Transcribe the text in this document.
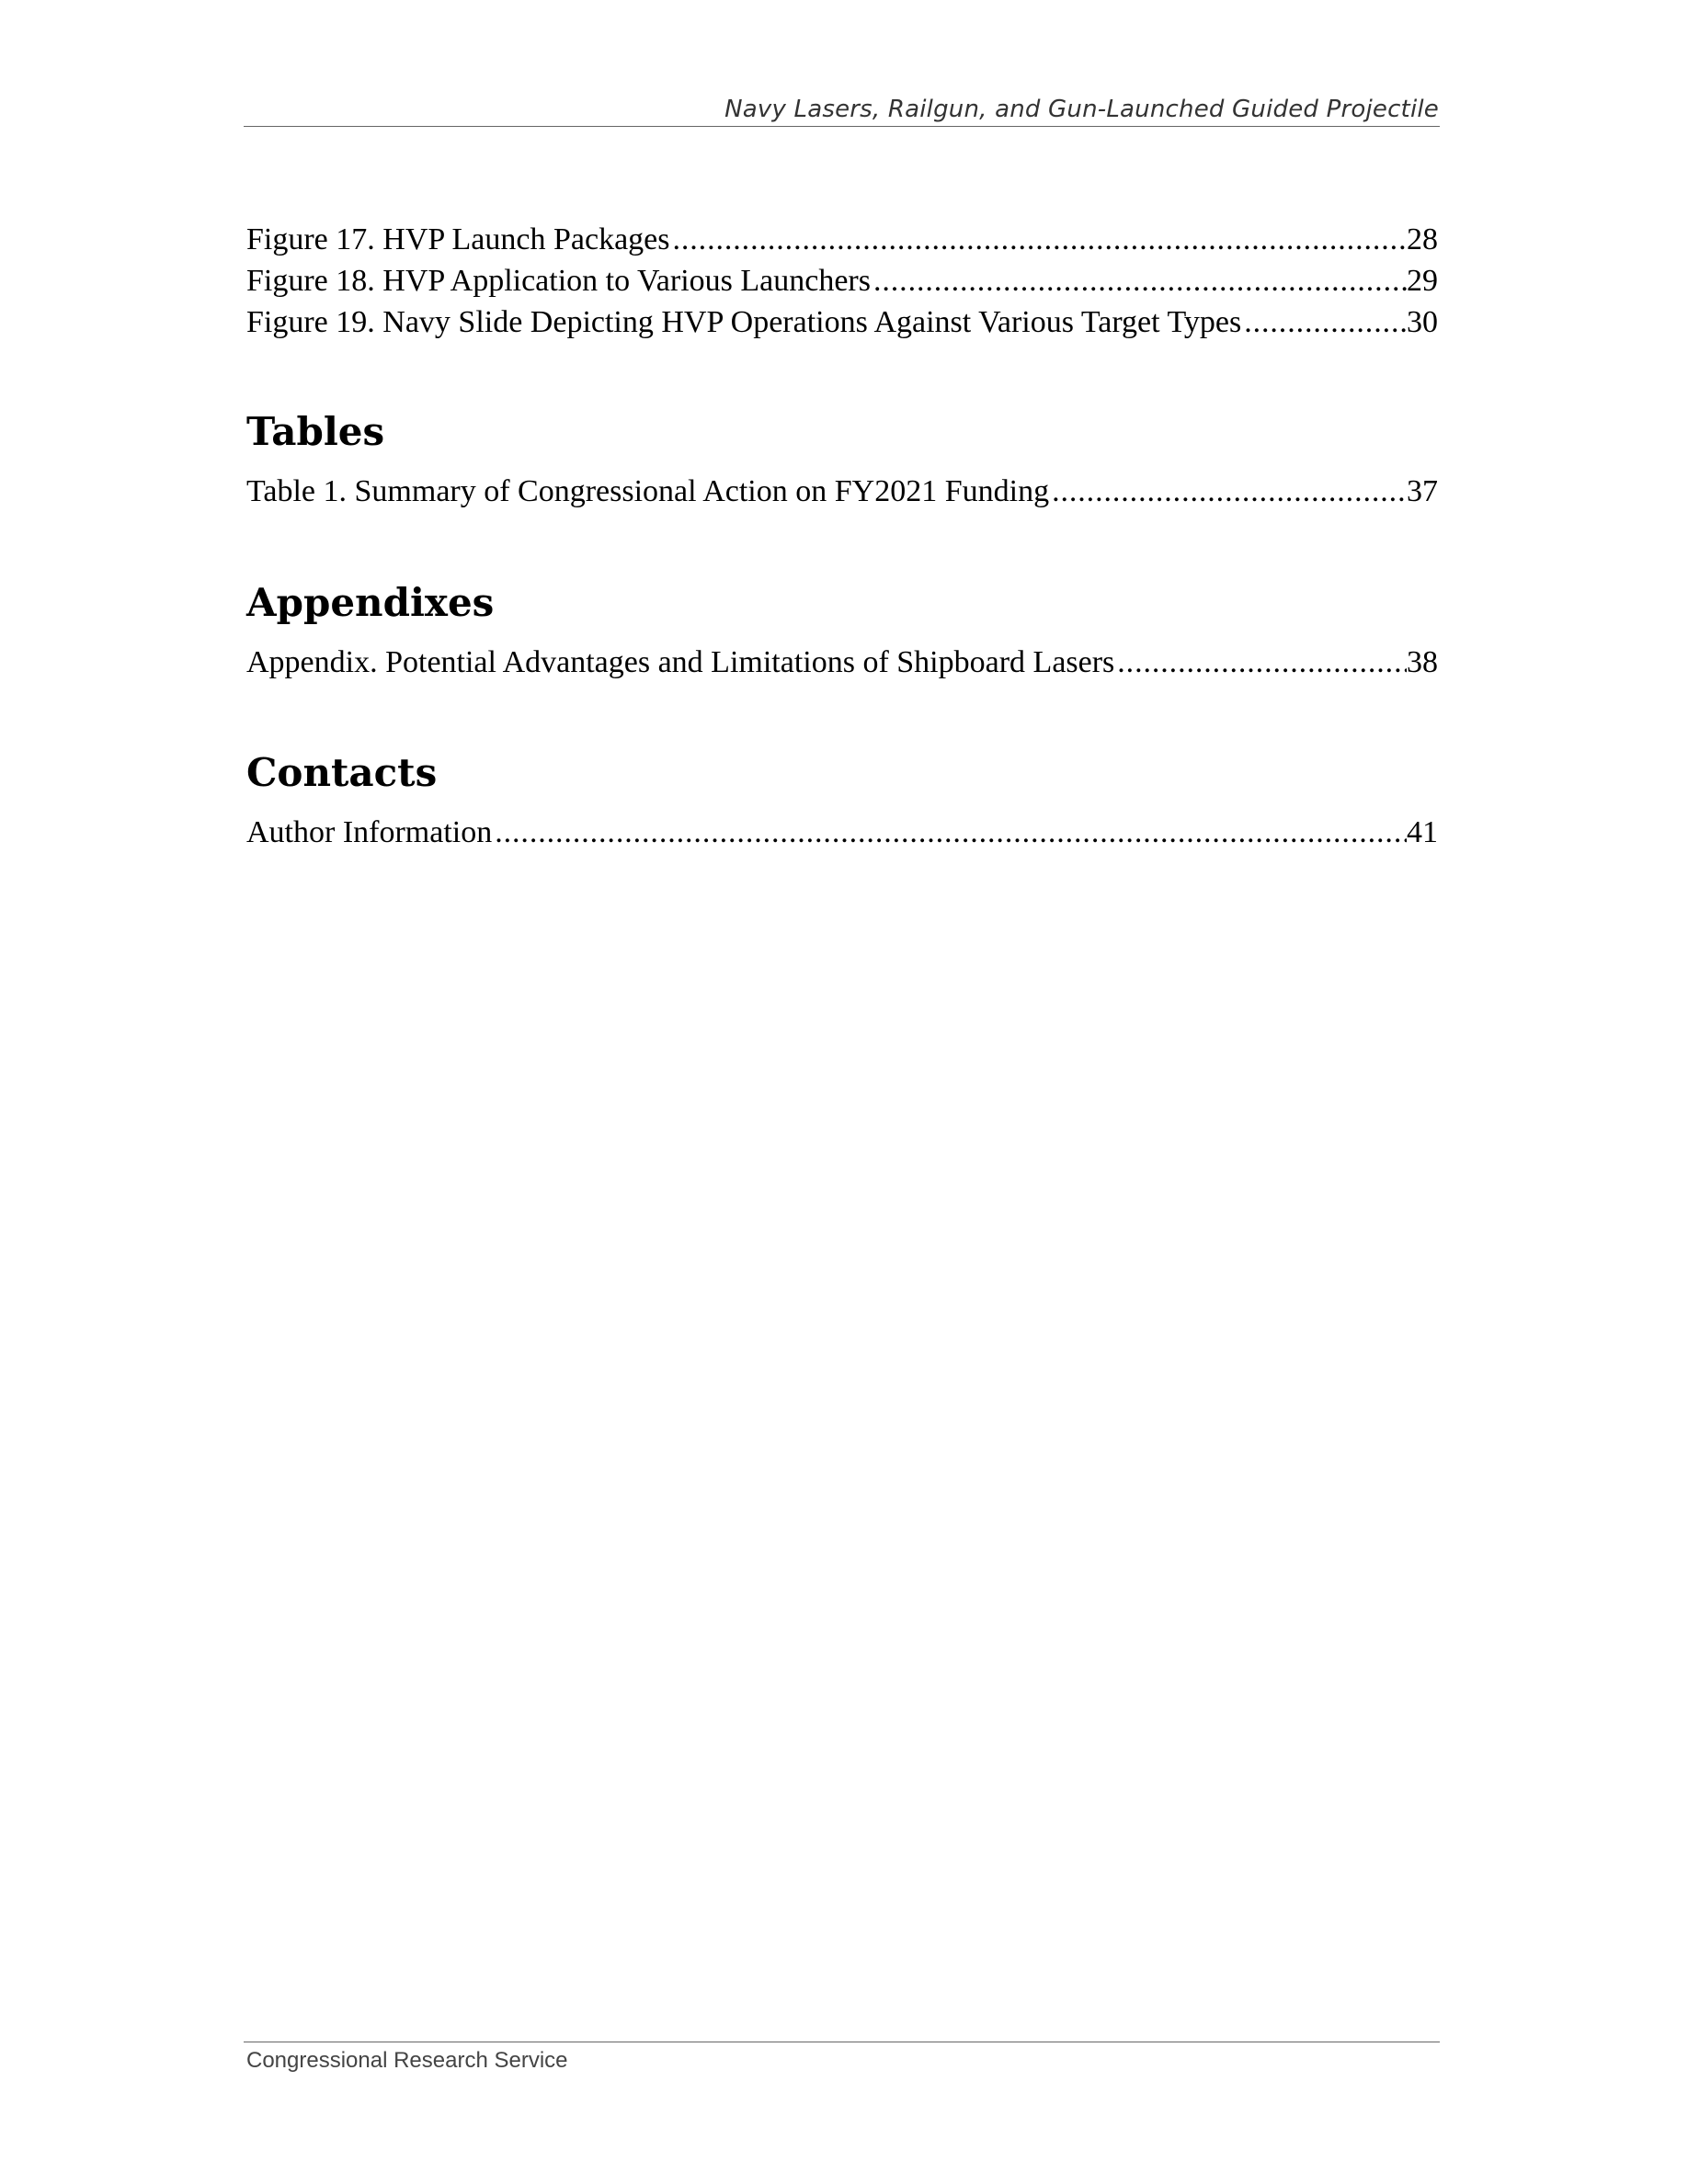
Navy Lasers, Railgun, and Gun-Launched Guided Projectile
Figure 17. HVP Launch Packages .....	28
Figure 18. HVP Application to Various Launchers .....	29
Figure 19. Navy Slide Depicting HVP Operations Against Various Target Types .....	30
Tables
Table 1. Summary of Congressional Action on FY2021 Funding .....	37
Appendixes
Appendix. Potential Advantages and Limitations of Shipboard Lasers .....	38
Contacts
Author Information .....	41
Congressional Research Service
